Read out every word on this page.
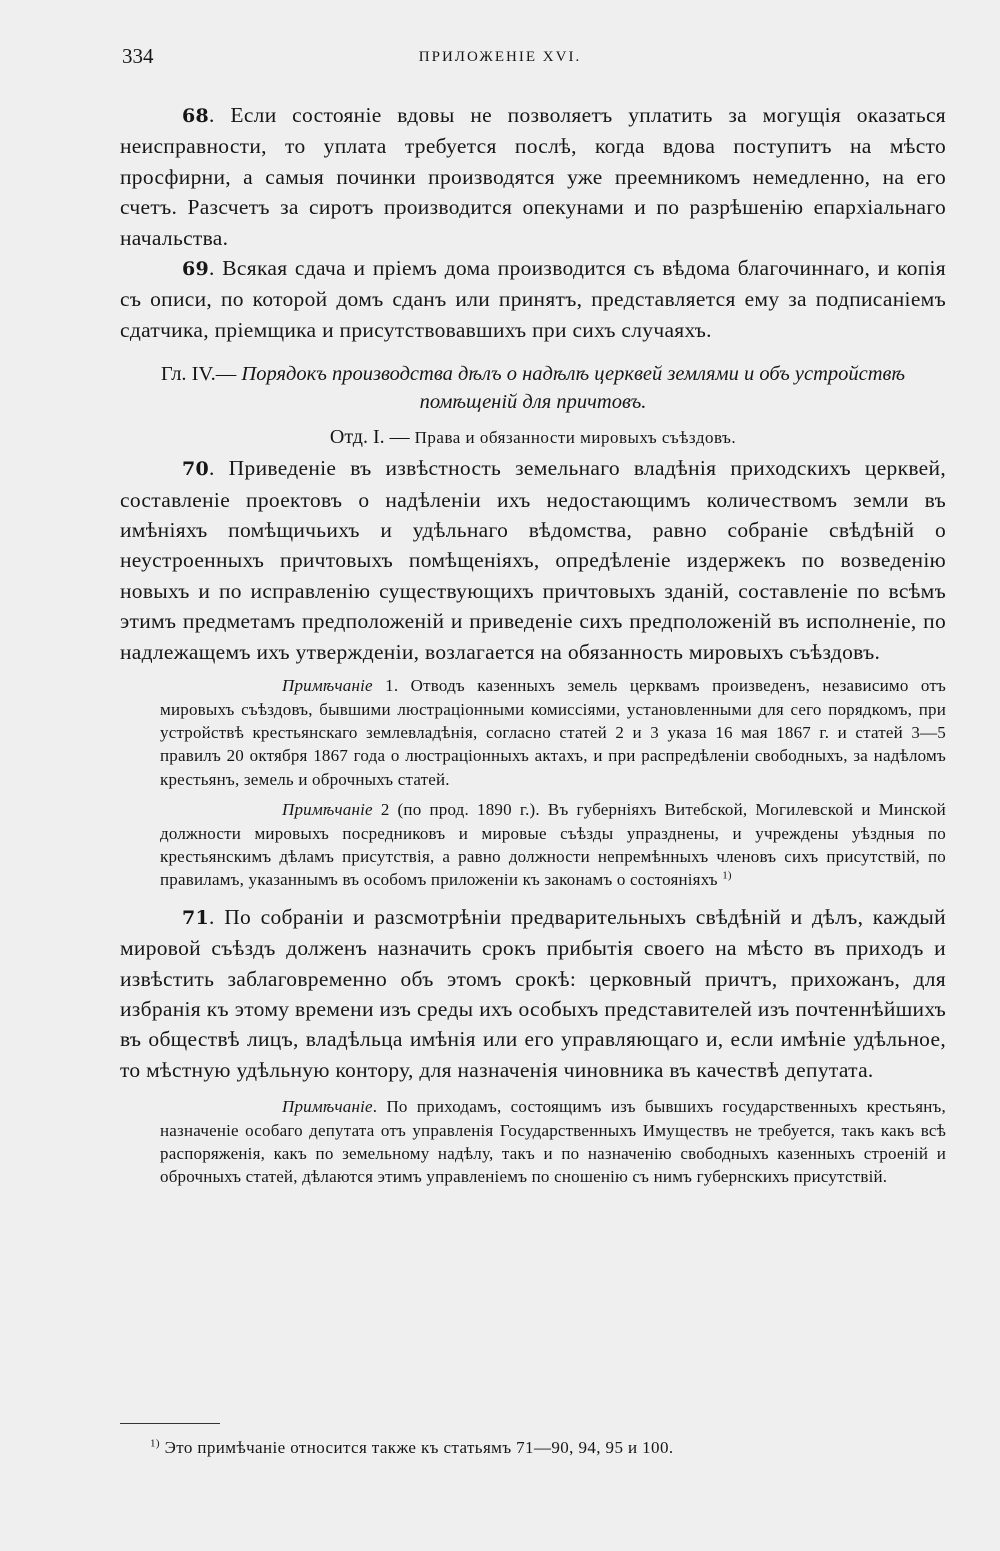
334	ПРИЛОЖЕНІЕ XVI.

68. Если состояніе вдовы не позволяетъ уплатить за могущія оказаться неисправности, то уплата требуется послѣ, когда вдова поступитъ на мѣсто просфирни, а самыя починки производятся уже преемникомъ немедленно, на его счетъ. Разсчетъ за сиротъ производится опекунами и по разрѣшенію епархіальнаго начальства.

69. Всякая сдача и пріемъ дома производится съ вѣдома благочиннаго, и копія съ описи, по которой домъ сданъ или принятъ, представляется ему за подписаніемъ сдатчика, пріемщика и присутствовавшихъ при сихъ случаяхъ.

Гл. IV.— Порядокъ производства дѣлъ о надѣлѣ церквей землями и объ устройствѣ помѣщеній для причтовъ.

Отд. I. — Права и обязанности мировыхъ съѣздовъ.

70. Приведеніе въ извѣстность земельнаго владѣнія приходскихъ церквей, составленіе проектовъ о надѣленіи ихъ недостающимъ количествомъ земли въ имѣніяхъ помѣщичьихъ и удѣльнаго вѣдомства, равно собраніе свѣдѣній о неустроенныхъ причтовыхъ помѣщеніяхъ, опредѣленіе издержекъ по возведенію новыхъ и по исправленію существующихъ причтовыхъ зданій, составленіе по всѣмъ этимъ предметамъ предположеній и приведеніе сихъ предположеній въ исполненіе, по надлежащемъ ихъ утвержденіи, возлагается на обязанность мировыхъ съѣздовъ.

Примѣчаніе 1. Отводъ казенныхъ земель церквамъ произведенъ, независимо отъ мировыхъ съѣздовъ, бывшими люстраціонными комиссіями, установленными для сего порядкомъ, при устройствѣ крестьянскаго землевладѣнія, согласно статей 2 и 3 указа 16 мая 1867 г. и статей 3—5 правилъ 20 октября 1867 года о люстраціонныхъ актахъ, и при распредѣленіи свободныхъ, за надѣломъ крестьянъ, земель и оброчныхъ статей.

Примѣчаніе 2 (по прод. 1890 г.). Въ губерніяхъ Витебской, Могилевской и Минской должности мировыхъ посредниковъ и мировые съѣзды упразднены, и учреждены уѣздныя по крестьянскимъ дѣламъ присутствія, а равно должности непремѣнныхъ членовъ сихъ присутствій, по правиламъ, указаннымъ въ особомъ приложеніи къ законамъ о состояніяхъ $^{1)}$

71. По собраніи и разсмотрѣніи предварительныхъ свѣдѣній и дѣлъ, каждый мировой съѣздъ долженъ назначить срокъ прибытія своего на мѣсто въ приходъ и извѣстить заблаговременно объ этомъ срокѣ: церковный причтъ, прихожанъ, для избранія къ этому времени изъ среды ихъ особыхъ представителей изъ почтеннѣйшихъ въ обществѣ лицъ, владѣльца имѣнія или его управляющаго и, если имѣніе удѣльное, то мѣстную удѣльную контору, для назначенія чиновника въ качествѣ депутата.

Примѣчаніе. По приходамъ, состоящимъ изъ бывшихъ государственныхъ крестьянъ, назначеніе особаго депутата отъ управленія Государственныхъ Имуществъ не требуется, такъ какъ всѣ распоряженія, какъ по земельному надѣлу, такъ и по назначенію свободныхъ казенныхъ строеній и оброчныхъ статей, дѣлаются этимъ управленіемъ по сношенію съ нимъ губернскихъ присутствій.

$^{1)}$ Это примѣчаніе относится также къ статьямъ 71—90, 94, 95 и 100.
